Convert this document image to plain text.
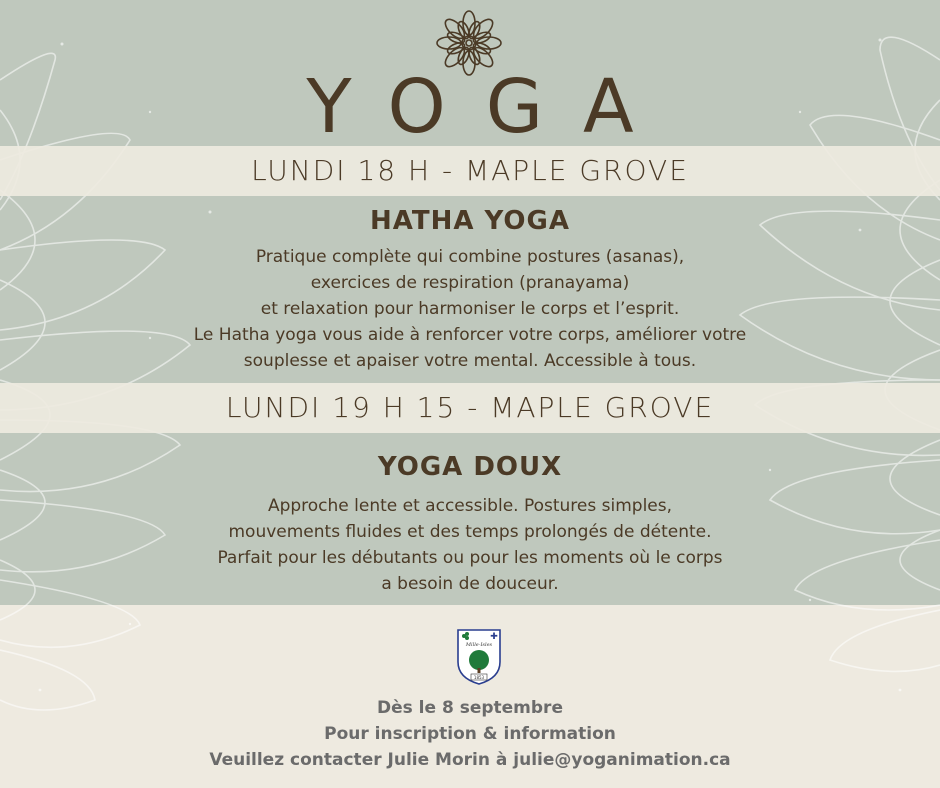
YOGA
LUNDI 18 H - MAPLE GROVE
HATHA YOGA
Pratique complète qui combine postures (asanas),
exercices de respiration (pranayama)
et relaxation pour harmoniser le corps et l’esprit.
Le Hatha yoga vous aide à renforcer votre corps, améliorer votre
souplesse et apaiser votre mental. Accessible à tous.
LUNDI 19 H 15 - MAPLE GROVE
YOGA DOUX
Approche lente et accessible. Postures simples,
mouvements fluides et des temps prolongés de détente.
Parfait pour les débutants ou pour les moments où le corps
a besoin de douceur.
✚
Mille-Isles
1853
Dès le 8 septembre
Pour inscription & information
Veuillez contacter Julie Morin à julie@yoganimation.ca
